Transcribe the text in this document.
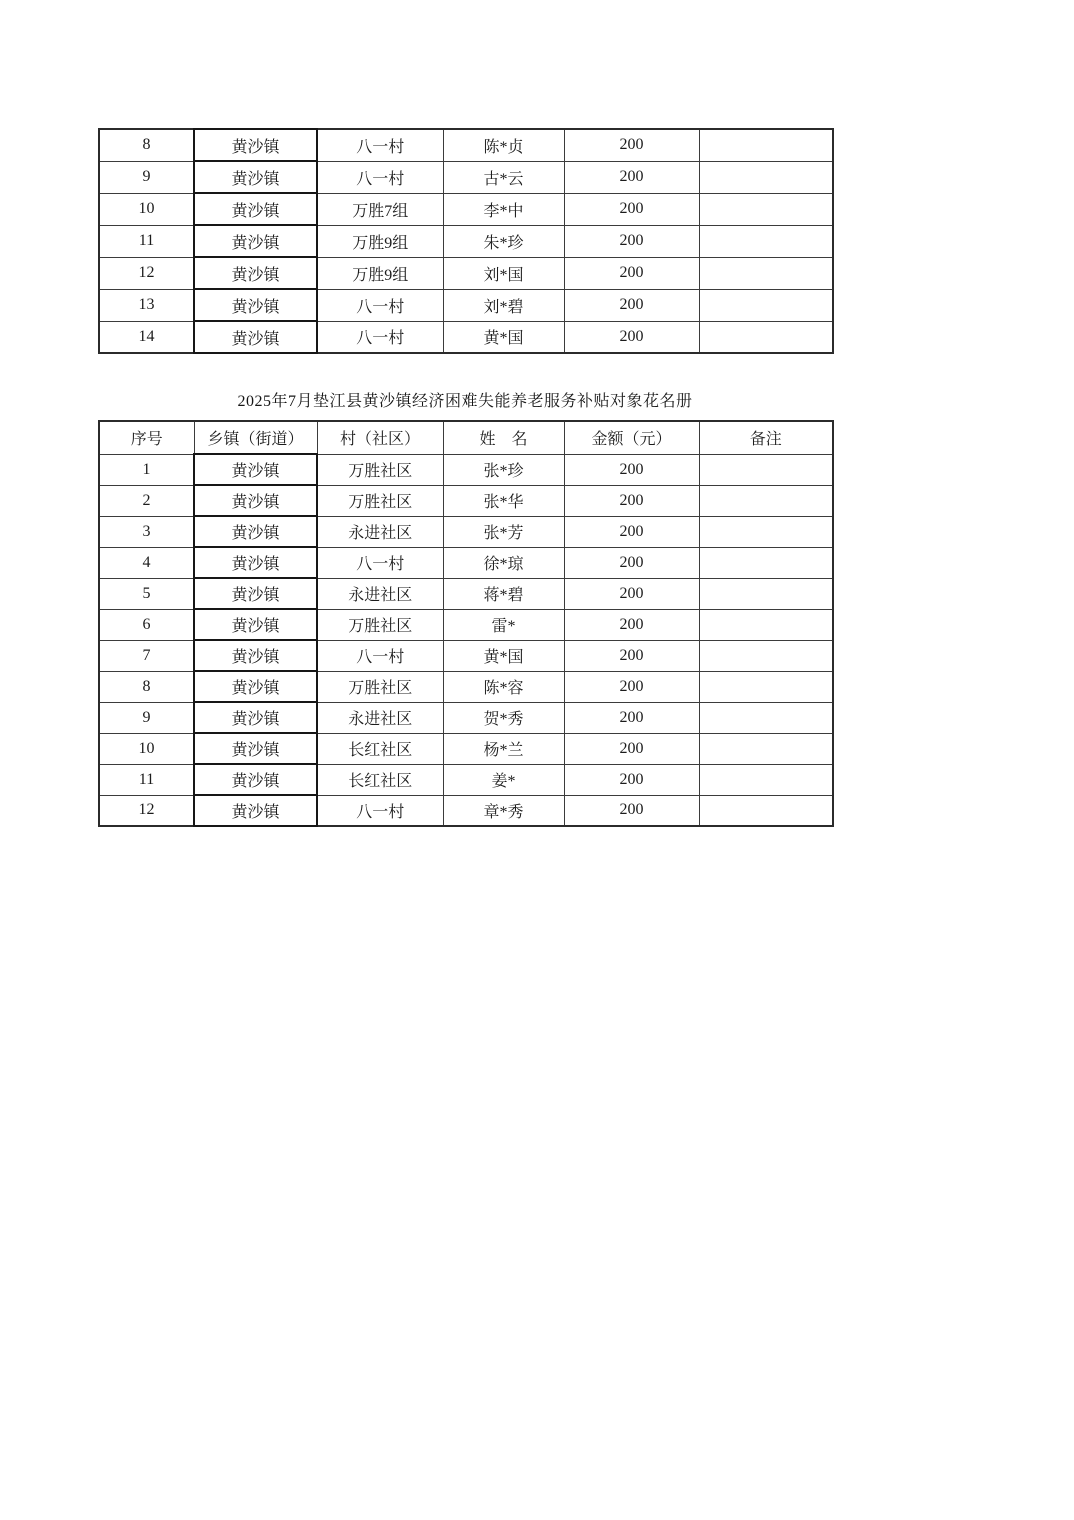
8	黄沙镇	八一村	陈*贞	200	
9	黄沙镇	八一村	古*云	200	
10	黄沙镇	万胜7组	李*中	200	
11	黄沙镇	万胜9组	朱*珍	200	
12	黄沙镇	万胜9组	刘*国	200	
13	黄沙镇	八一村	刘*碧	200	
14	黄沙镇	八一村	黄*国	200	
2025年7月垫江县黄沙镇经济困难失能养老服务补贴对象花名册
序号	乡镇（街道）	村（社区）	姓　名	金额（元）	备注
1	黄沙镇	万胜社区	张*珍	200	
2	黄沙镇	万胜社区	张*华	200	
3	黄沙镇	永进社区	张*芳	200	
4	黄沙镇	八一村	徐*琼	200	
5	黄沙镇	永进社区	蒋*碧	200	
6	黄沙镇	万胜社区	雷*	200	
7	黄沙镇	八一村	黄*国	200	
8	黄沙镇	万胜社区	陈*容	200	
9	黄沙镇	永进社区	贺*秀	200	
10	黄沙镇	长红社区	杨*兰	200	
11	黄沙镇	长红社区	姜*	200	
12	黄沙镇	八一村	章*秀	200	
